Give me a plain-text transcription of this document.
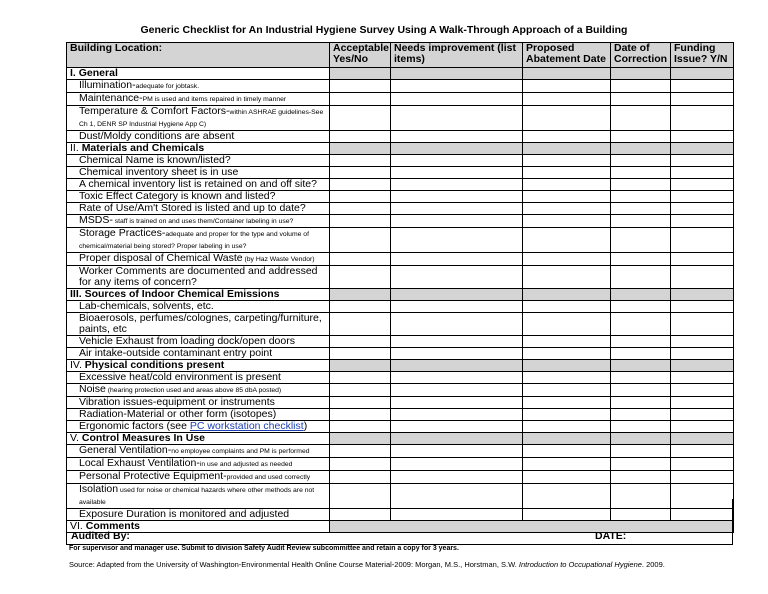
Generic Checklist for An Industrial Hygiene Survey Using A Walk-Through Approach of a Building
Building Location:	Acceptable Yes/No	Needs improvement (list items)	Proposed Abatement Date	Date of Correction	Funding Issue? Y/N
I. General					
Illumination-adequate for jobtask.					
Maintenance-PM is used and items repaired in timely manner					
Temperature & Comfort Factors-within ASHRAE guidelines-See Ch 1, DENR SP Industrial Hygiene App C)					
Dust/Moldy conditions are absent					
II. Materials and Chemicals					
Chemical Name is known/listed?					
Chemical inventory sheet is in use					
A chemical inventory list is retained on and off site?					
Toxic Effect Category is known and listed?					
Rate of Use/Am't Stored is listed and up to date?					
MSDS- staff is trained on and uses them/Container labeling in use?					
Storage Practices-adequate and proper for the type and volume of chemical/material being stored? Proper labeling in use?					
Proper disposal of Chemical Waste (by Haz Waste Vendor)					
Worker Comments are documented and addressed for any items of concern?					
III. Sources of Indoor Chemical Emissions					
Lab-chemicals, solvents, etc.					
Bioaerosols, perfumes/colognes, carpeting/furniture, paints, etc					
Vehicle Exhaust from loading dock/open doors					
Air intake-outside contaminant entry point					
IV. Physical conditions present					
Excessive heat/cold environment is present					
Noise (hearing protection used and areas above 85 dbA posted)					
Vibration issues-equipment or instruments					
Radiation-Material or other form (isotopes)					
Ergonomic factors (see PC workstation checklist)					
V. Control Measures In Use					
General Ventilation-no employee complaints and PM is performed					
Local Exhaust Ventilation-in use and adjusted as needed					
Personal Protective Equipment-provided and used correctly					
Isolation used for noise or chemical hazards where other methods are not available					
Exposure Duration is monitored and adjusted					
VI. Comments					
Audited By:	DATE:
For supervisor and manager use. Submit to division Safety Audit Review subcommittee and retain a copy for 3 years.
Source: Adapted from the University of Washington-Environmental Health Online Course Material-2009: Morgan, M.S., Horstman, S.W. Introduction to Occupational Hygiene. 2009.
